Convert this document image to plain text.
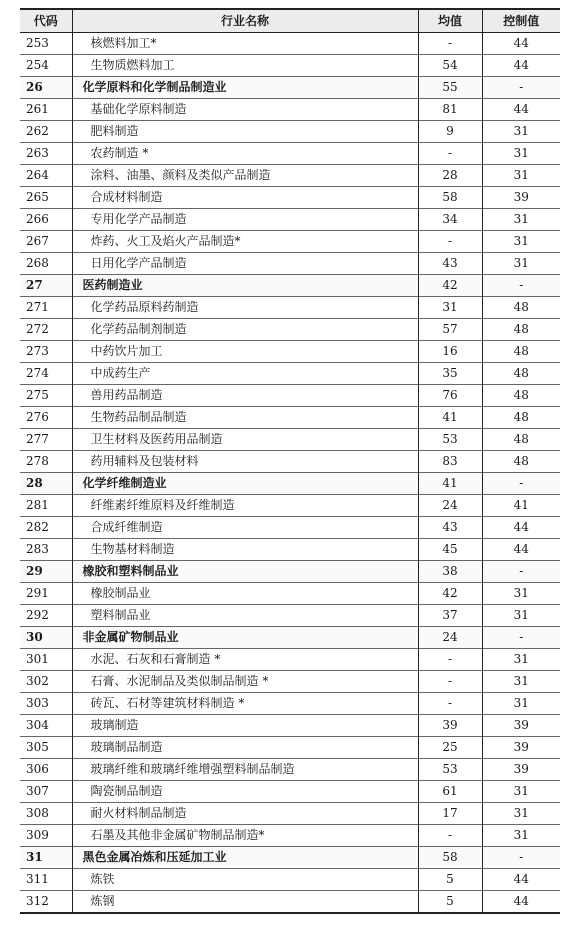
代码	行业名称	均值	控制值
253	核燃料加工*	-	44
254	生物质燃料加工	54	44
26	化学原料和化学制品制造业	55	-
261	基础化学原料制造	81	44
262	肥料制造	9	31
263	农药制造 *	-	31
264	涂料、油墨、颜料及类似产品制造	28	31
265	合成材料制造	58	39
266	专用化学产品制造	34	31
267	炸药、火工及焰火产品制造*	-	31
268	日用化学产品制造	43	31
27	医药制造业	42	-
271	化学药品原料药制造	31	48
272	化学药品制剂制造	57	48
273	中药饮片加工	16	48
274	中成药生产	35	48
275	兽用药品制造	76	48
276	生物药品制品制造	41	48
277	卫生材料及医药用品制造	53	48
278	药用辅料及包装材料	83	48
28	化学纤维制造业	41	-
281	纤维素纤维原料及纤维制造	24	41
282	合成纤维制造	43	44
283	生物基材料制造	45	44
29	橡胶和塑料制品业	38	-
291	橡胶制品业	42	31
292	塑料制品业	37	31
30	非金属矿物制品业	24	-
301	水泥、石灰和石膏制造 *	-	31
302	石膏、水泥制品及类似制品制造 *	-	31
303	砖瓦、石材等建筑材料制造 *	-	31
304	玻璃制造	39	39
305	玻璃制品制造	25	39
306	玻璃纤维和玻璃纤维增强塑料制品制造	53	39
307	陶瓷制品制造	61	31
308	耐火材料制品制造	17	31
309	石墨及其他非金属矿物制品制造*	-	31
31	黑色金属冶炼和压延加工业	58	-
311	炼铁	5	44
312	炼钢	5	44
